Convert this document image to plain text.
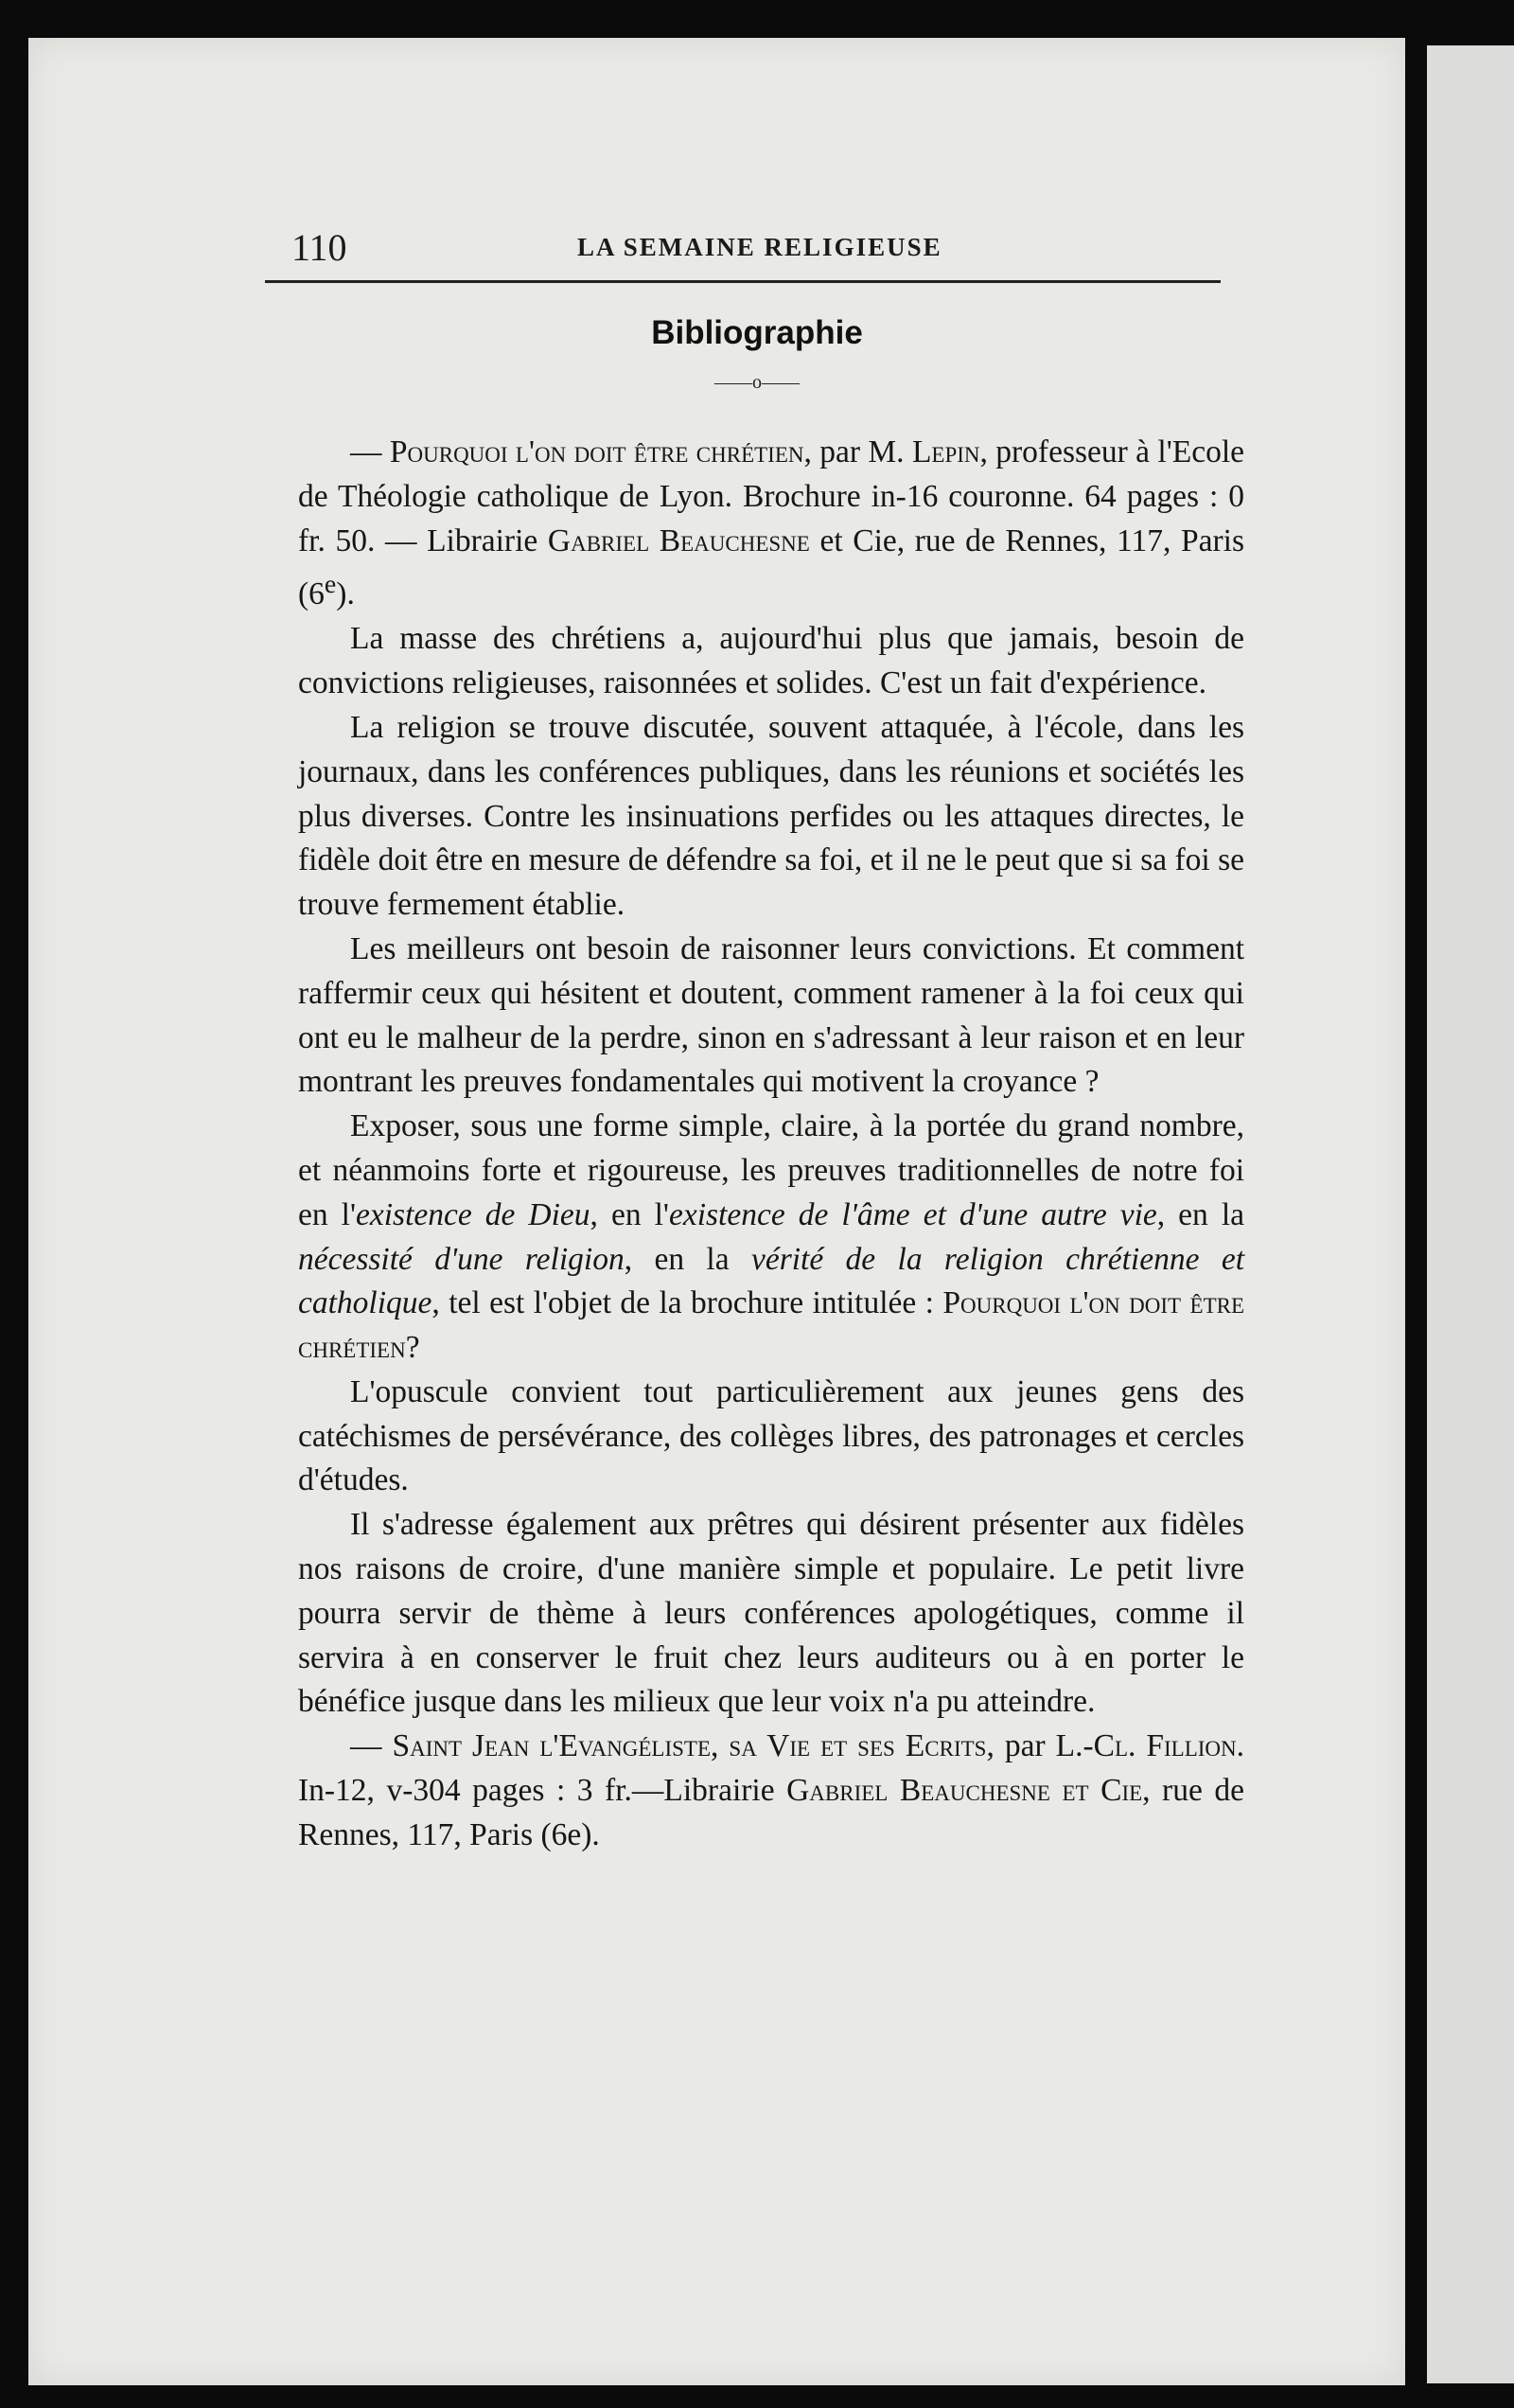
110	LA SEMAINE RELIGIEUSE
Bibliographie
——o——

— Pourquoi l'on doit être chrétien, par M. Lepin, professeur à l'Ecole de Théologie catholique de Lyon. Brochure in-16 couronne. 64 pages : 0 fr. 50. — Librairie Gabriel Beauchesne et Cie, rue de Rennes, 117, Paris (6e).

La masse des chrétiens a, aujourd'hui plus que jamais, besoin de convictions religieuses, raisonnées et solides. C'est un fait d'expérience.

La religion se trouve discutée, souvent attaquée, à l'école, dans les journaux, dans les conférences publiques, dans les réunions et sociétés les plus diverses. Contre les insinuations perfides ou les attaques directes, le fidèle doit être en mesure de défendre sa foi, et il ne le peut que si sa foi se trouve fermement établie.

Les meilleurs ont besoin de raisonner leurs convictions. Et comment raffermir ceux qui hésitent et doutent, comment ramener à la foi ceux qui ont eu le malheur de la perdre, sinon en s'adressant à leur raison et en leur montrant les preuves fondamentales qui motivent la croyance ?

Exposer, sous une forme simple, claire, à la portée du grand nombre, et néanmoins forte et rigoureuse, les preuves traditionnelles de notre foi en l'existence de Dieu, en l'existence de l'âme et d'une autre vie, en la nécessité d'une religion, en la vérité de la religion chrétienne et catholique, tel est l'objet de la brochure intitulée : Pourquoi l'on doit être chrétien?

L'opuscule convient tout particulièrement aux jeunes gens des catéchismes de persévérance, des collèges libres, des patronages et cercles d'études.

Il s'adresse également aux prêtres qui désirent présenter aux fidèles nos raisons de croire, d'une manière simple et populaire. Le petit livre pourra servir de thème à leurs conférences apologétiques, comme il servira à en conserver le fruit chez leurs auditeurs ou à en porter le bénéfice jusque dans les milieux que leur voix n'a pu atteindre.

— Saint Jean l'Evangéliste, sa Vie et ses Ecrits, par L.-Cl. Fillion. In-12, v-304 pages : 3 fr.—Librairie Gabriel Beauchesne et Cie, rue de Rennes, 117, Paris (6e).
